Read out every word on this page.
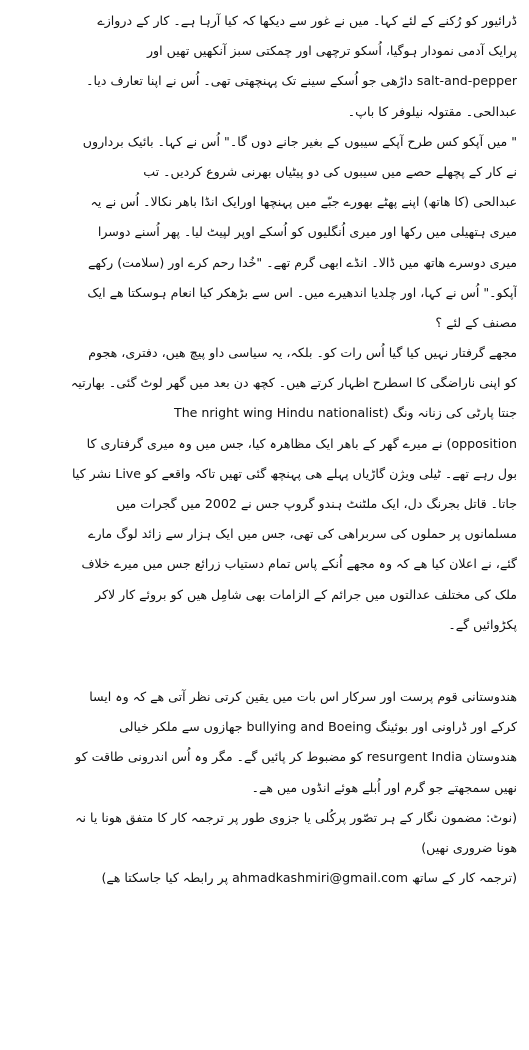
ڈرائیور کو رُکنے کے لئے کہا۔ میں نے غور سے دیکھا کہ کیا آرہا ہے۔ کار کے دروازے
پرایک آدمی نمودار ہوگیا، اُسکو ترچھی اور چمکتی سبز آنکھیں تھیں اور
salt-and-pepper داڑھی جو اُسکے سینے تک پہنچھتی تھی۔ اُس نے اپنا تعارف دیا۔
عبدالحی۔ مقتولہ نیلوفر کا باپ۔
" میں آپکو کس طرح آپکے سیبوں کے بغیر جانے دوں گا۔" اُس نے کہا۔ بائیک برداروں
نے کار کے پچھلے حصے میں سیبوں کی دو پیٹیاں بھرنی شروع کردیں۔ تب
عبدالحی (کا ھاتھ) اپنے پھٹے بھورے جبّے میں پہنچھا اورایک انڈا باھر نکالا۔ اُس نے یہ
میری ہتھیلی میں رکھا اور میری اُنگلیوں کو اُسکے اوپر لپیٹ لیا۔ پھر اُسنے دوسرا
میری دوسرے ھاتھ میں ڈالا۔ انڈے ابھی گرم تھے۔ "خُدا رحم کرے اور (سلامت) رکھے
آپکو۔" اُس نے کہا، اور چلدیا اندھیرے میں۔ اس سے بڑھکر کیا انعام ہوسکتا ھے ایک
مصنف کے لئے ؟
مجھے گرفتار نہیں کیا گیا اُس رات کو۔ بلکہ، یہ سیاسی داو پیچ ھیں، دفتری، ھجوم
کو اپنی ناراضگی کا اسطرح اظہار کرتے ھیں۔ کچھ دن بعد میں گھر لوٹ گئی۔ بھارتیہ
جنتا پارٹی کی زنانہ ونگ (The nright wing Hindu nationalist
opposition) نے میرے گھر کے باھر ایک مظاھرہ کیا، جس میں وہ میری گرفتاری کا
بول رہے تھے۔ ٹیلی ویژن گاڑیاں پہلے ھی پہنچھ گئی تھیں تاکہ واقعے کو Live نشر کیا
جاتا۔ قاتل بجرنگ دل، ایک ملٹنٹ ہندو گروپ جس نے 2002 میں گجرات میں
مسلمانوں پر حملوں کی سربراھی کی تھی، جس میں ایک ہزار سے زائد لوگ مارے
گئے، نے اعلان کیا ھے کہ وہ مجھے اُنکے پاس تمام دستیاب زرائع جس میں میرے خلاف
ملک کی مختلف عدالتوں میں جرائم کے الزامات بھی شامِل ھیں کو بروئے کار لاکر
پکڑوائیں گے۔
ھندوستانی قوم پرست اور سرکار اس بات میں یقین کرتی نظر آتی ھے کہ وہ ایسا
کرکے اور ڈراونی اور بوئینگ bullying and Boeing جھازوں سے ملکر خیالی
ھندوستان resurgent India کو مضبوط کر پائیں گے۔ مگر وہ اُس اندرونی طاقت کو
نھیں سمجھتے جو گرم اور اُبلے ھوئے انڈوں میں ھے۔
(نوٹ: مضمون نگار کے ہر تصّور پرکُلی یا جزوی طور پر ترجمہ کار کا متفق ھونا یا نہ
ھونا ضروری نھیں)
(ترجمہ کار کے ساتھ ahmadkashmiri@gmail.com پر رابطہ کیا جاسکتا ھے)
